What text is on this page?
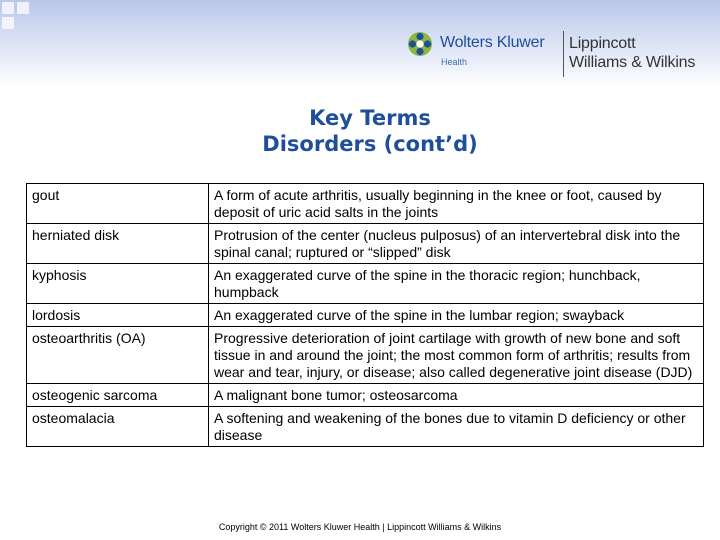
Wolters Kluwer
Health
Lippincott
Williams & Wilkins
Key Terms
Disorders (cont’d)
gout	A form of acute arthritis, usually beginning in the knee or foot, caused by deposit of uric acid salts in the joints
herniated disk	Protrusion of the center (nucleus pulposus) of an intervertebral disk into the spinal canal; ruptured or “slipped” disk
kyphosis	An exaggerated curve of the spine in the thoracic region; hunchback, humpback
lordosis	An exaggerated curve of the spine in the lumbar region; swayback
osteoarthritis (OA)	Progressive deterioration of joint cartilage with growth of new bone and soft tissue in and around the joint; the most common form of arthritis; results from wear and tear, injury, or disease; also called degenerative joint disease (DJD)
osteogenic sarcoma	A malignant bone tumor; osteosarcoma
osteomalacia	A softening and weakening of the bones due to vitamin D deficiency or other disease
Copyright © 2011 Wolters Kluwer Health | Lippincott Williams & Wilkins
